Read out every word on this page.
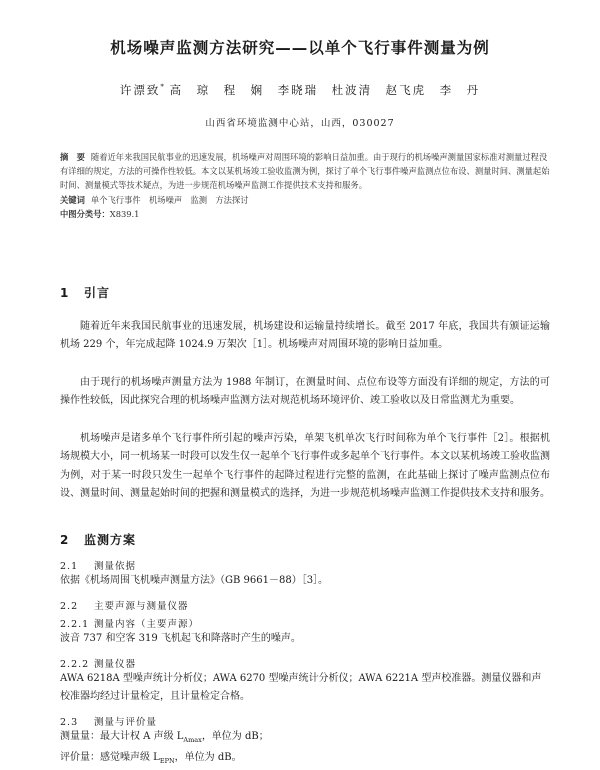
机场噪声监测方法研究——以单个飞行事件测量为例
许漂致* 高　琼　程　娴　李晓瑞　杜波清　赵飞虎　李　丹
山西省环境监测中心站，山西，030027
摘　要 随着近年来我国民航事业的迅速发展，机场噪声对周围环境的影响日益加重。由于现行的机场噪声测量国家标准对测量过程没有详细的规定，方法的可操作性较低。本文以某机场竣工验收监测为例，探讨了单个飞行事件噪声监测点位布设、测量时间、测量起始时间、测量模式等技术疑点，为进一步规范机场噪声监测工作提供技术支持和服务。
关键词 单个飞行事件　机场噪声　监测　方法探讨
中图分类号：X839.1
1 引言
随着近年来我国民航事业的迅速发展，机场建设和运输量持续增长。截至 2017 年底，我国共有颁证运输机场 229 个，年完成起降 1024.9 万架次［1］。机场噪声对周围环境的影响日益加重。
由于现行的机场噪声测量方法为 1988 年制订，在测量时间、点位布设等方面没有详细的规定，方法的可操作性较低，因此探究合理的机场噪声监测方法对规范机场环境评价、竣工验收以及日常监测尤为重要。
机场噪声是诸多单个飞行事件所引起的噪声污染，单架飞机单次飞行时间称为单个飞行事件［2］。根据机场规模大小，同一机场某一时段可以发生仅一起单个飞行事件或多起单个飞行事件。本文以某机场竣工验收监测为例，对于某一时段只发生一起单个飞行事件的起降过程进行完整的监测，在此基础上探讨了噪声监测点位布设、测量时间、测量起始时间的把握和测量模式的选择，为进一步规范机场噪声监测工作提供技术支持和服务。
2 监测方案
2.1 测量依据
依据《机场周围飞机噪声测量方法》（GB 9661－88）［3］。
2.2 主要声源与测量仪器
2.2.1 测量内容（主要声源）
波音 737 和空客 319 飞机起飞和降落时产生的噪声。
2.2.2 测量仪器
AWA 6218A 型噪声统计分析仪；AWA 6270 型噪声统计分析仪；AWA 6221A 型声校准器。测量仪器和声校准器均经过计量检定，且计量检定合格。
2.3 测量与评价量
测量量：最大计权 A 声级 $L_{Amax}$，单位为 dB；
评价量：感觉噪声级 $L_{EPN}$，单位为 dB。
